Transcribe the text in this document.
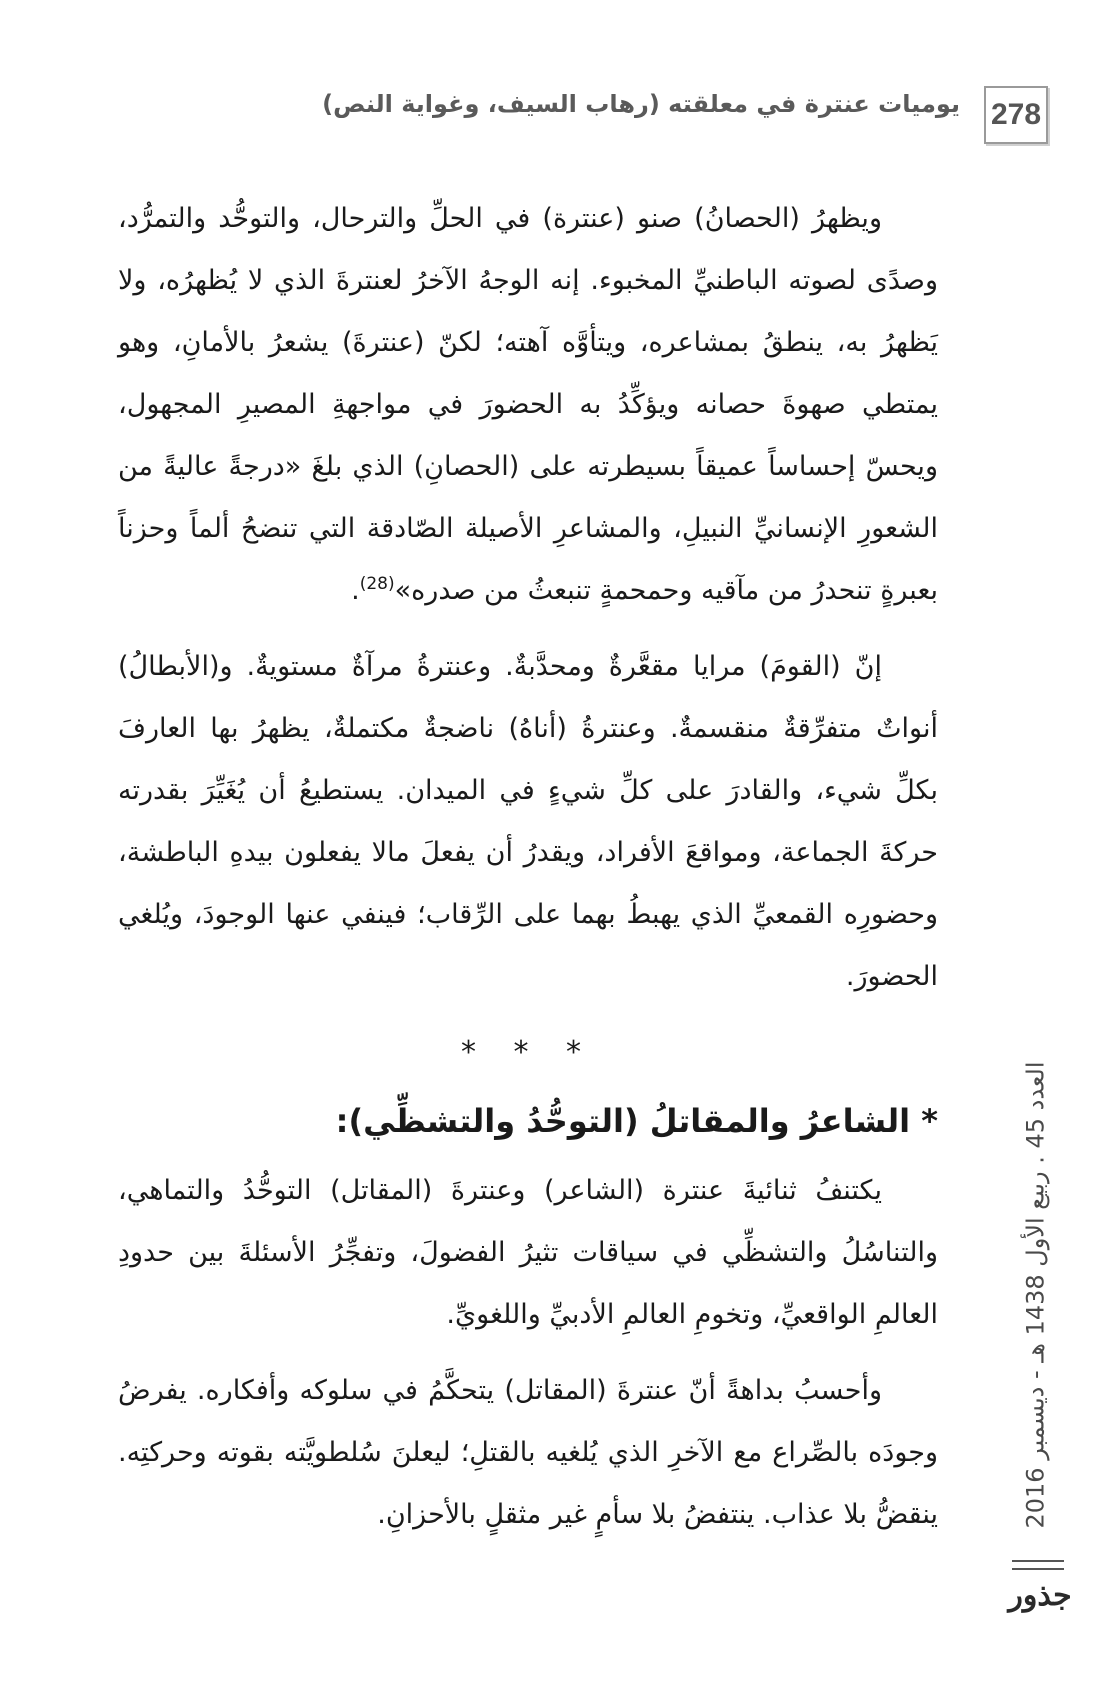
278
يوميات عنترة في معلقته (رهاب السيف، وغواية النص)

ويظهرُ (الحصانُ) صنو (عنترة) في الحلِّ والترحال، والتوحُّد والتمرُّد، وصدًى لصوته الباطنيِّ المخبوء. إنه الوجهُ الآخرُ لعنترةَ الذي لا يُظهرُه، ولا يَظهرُ به، ينطقُ بمشاعره، ويتأوَّه آهته؛ لكنّ (عنترةَ) يشعرُ بالأمانِ، وهو يمتطي صهوةَ حصانه ويؤكِّدُ به الحضورَ في مواجهةِ المصيرِ المجهول، ويحسّ إحساساً عميقاً بسيطرته على (الحصانِ) الذي بلغَ «درجةً عاليةً من الشعورِ الإنسانيِّ النبيلِ، والمشاعرِ الأصيلة الصّادقة التي تنضحُ ألماً وحزناً بعبرةٍ تنحدرُ من مآقيه وحمحمةٍ تنبعثُ من صدره»$^{(28)}$.

إنّ (القومَ) مرايا مقعَّرةٌ ومحدَّبةٌ. وعنترةُ مرآةٌ مستويةٌ. و(الأبطالُ) أنواتٌ متفرِّقةٌ منقسمةٌ. وعنترةُ (أناهُ) ناضجةٌ مكتملةٌ، يظهرُ بها العارفَ بكلِّ شيء، والقادرَ على كلِّ شيءٍ في الميدان. يستطيعُ أن يُغَيِّرَ بقدرته حركةَ الجماعة، ومواقعَ الأفراد، ويقدرُ أن يفعلَ مالا يفعلون بيدهِ الباطشة، وحضورِه القمعيِّ الذي يهبطُ بهما على الرِّقاب؛ فينفي عنها الوجودَ، ويُلغي الحضورَ.

* * *
* الشاعرُ والمقاتلُ (التوحُّدُ والتشظِّي):

يكتنفُ ثنائيةَ عنترة (الشاعر) وعنترةَ (المقاتل) التوحُّدُ والتماهي، والتناسُلُ والتشظِّي في سياقات تثيرُ الفضولَ، وتفجِّرُ الأسئلةَ بين حدودِ العالمِ الواقعيِّ، وتخومِ العالمِ الأدبيِّ واللغويِّ.

وأحسبُ بداهةً أنّ عنترةَ (المقاتل) يتحكَّمُ في سلوكه وأفكاره. يفرضُ وجودَه بالصِّراع مع الآخرِ الذي يُلغيه بالقتلِ؛ ليعلنَ سُلطويَّته بقوته وحركتِه. ينقضُّ بلا عذاب. ينتفضُ بلا سأمٍ غير مثقلٍ بالأحزانِ.	العدد 45 . ربيع الأول 1438 هـ - ديسمبر 2016
جذور
